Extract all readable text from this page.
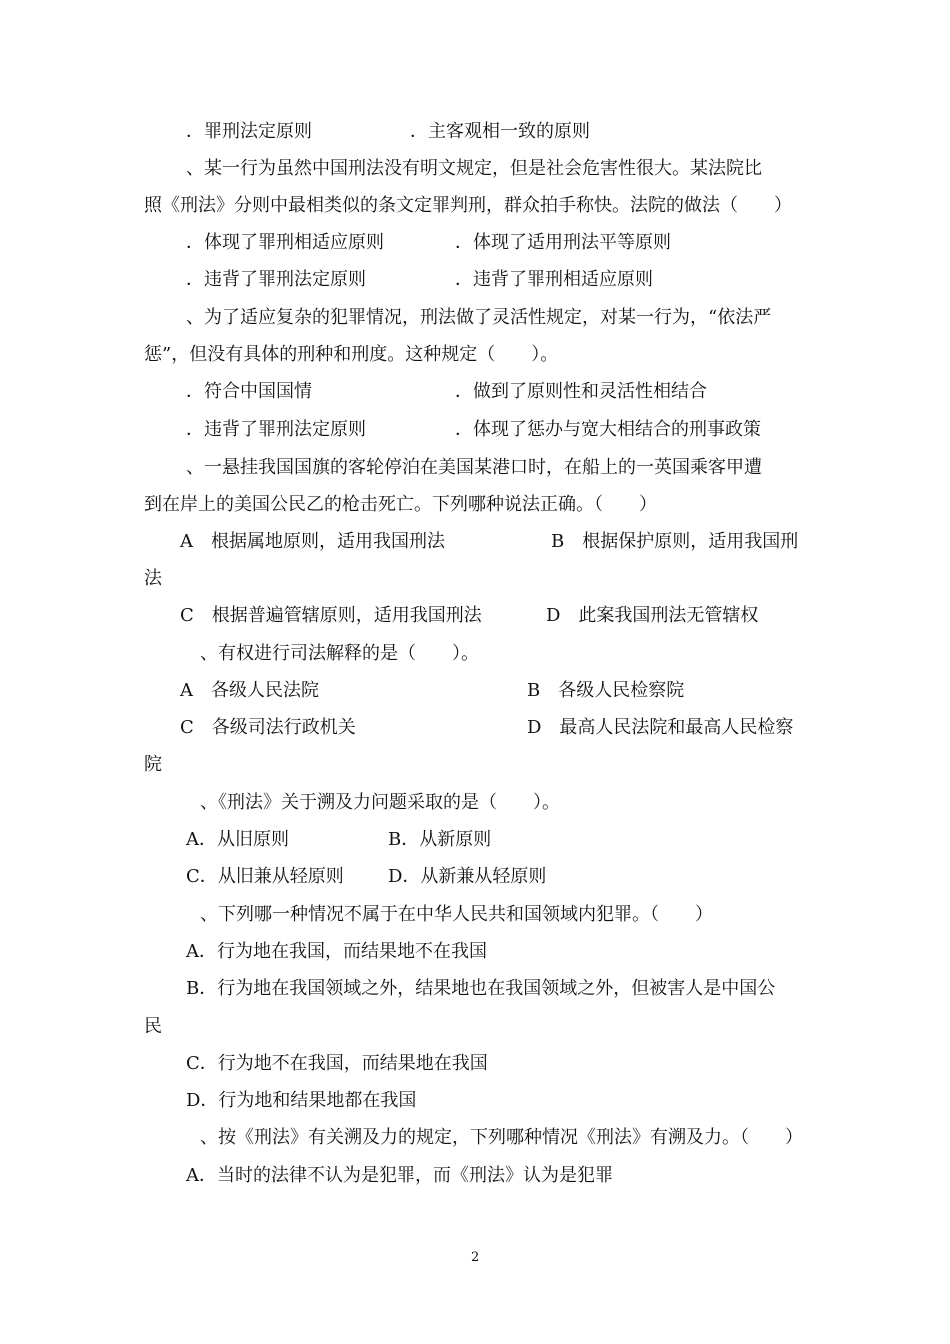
．罪刑法定原则	．主客观相一致的原则
、某一行为虽然中国刑法没有明文规定，但是社会危害性很大。某法院比
照《刑法》分则中最相类似的条文定罪判刑，群众拍手称快。法院的做法（　　）
．体现了罪刑相适应原则	．体现了适用刑法平等原则
．违背了罪刑法定原则	．违背了罪刑相适应原则
、为了适应复杂的犯罪情况，刑法做了灵活性规定，对某一行为，“依法严
惩”，但没有具体的刑种和刑度。这种规定（　　）。
．符合中国国情	．做到了原则性和灵活性相结合
．违背了罪刑法定原则	．体现了惩办与宽大相结合的刑事政策
、一悬挂我国国旗的客轮停泊在美国某港口时，在船上的一英国乘客甲遭
到在岸上的美国公民乙的枪击死亡。下列哪种说法正确。（　　）
A　根据属地原则，适用我国刑法	B　根据保护原则，适用我国刑
法
C　根据普遍管辖原则，适用我国刑法	D　此案我国刑法无管辖权
、有权进行司法解释的是（　　）。
A　各级人民法院	B　各级人民检察院
C　各级司法行政机关	D　最高人民法院和最高人民检察
院
、《刑法》关于溯及力问题采取的是（　　）。
A．从旧原则	B．从新原则
C．从旧兼从轻原则 D．从新兼从轻原则
、下列哪一种情况不属于在中华人民共和国领域内犯罪。（　　）
A．行为地在我国，而结果地不在我国
B．行为地在我国领域之外，结果地也在我国领域之外，但被害人是中国公
民
C．行为地不在我国，而结果地在我国
D．行为地和结果地都在我国
、按《刑法》有关溯及力的规定，下列哪种情况《刑法》有溯及力。（　　）
A．当时的法律不认为是犯罪，而《刑法》认为是犯罪
2
